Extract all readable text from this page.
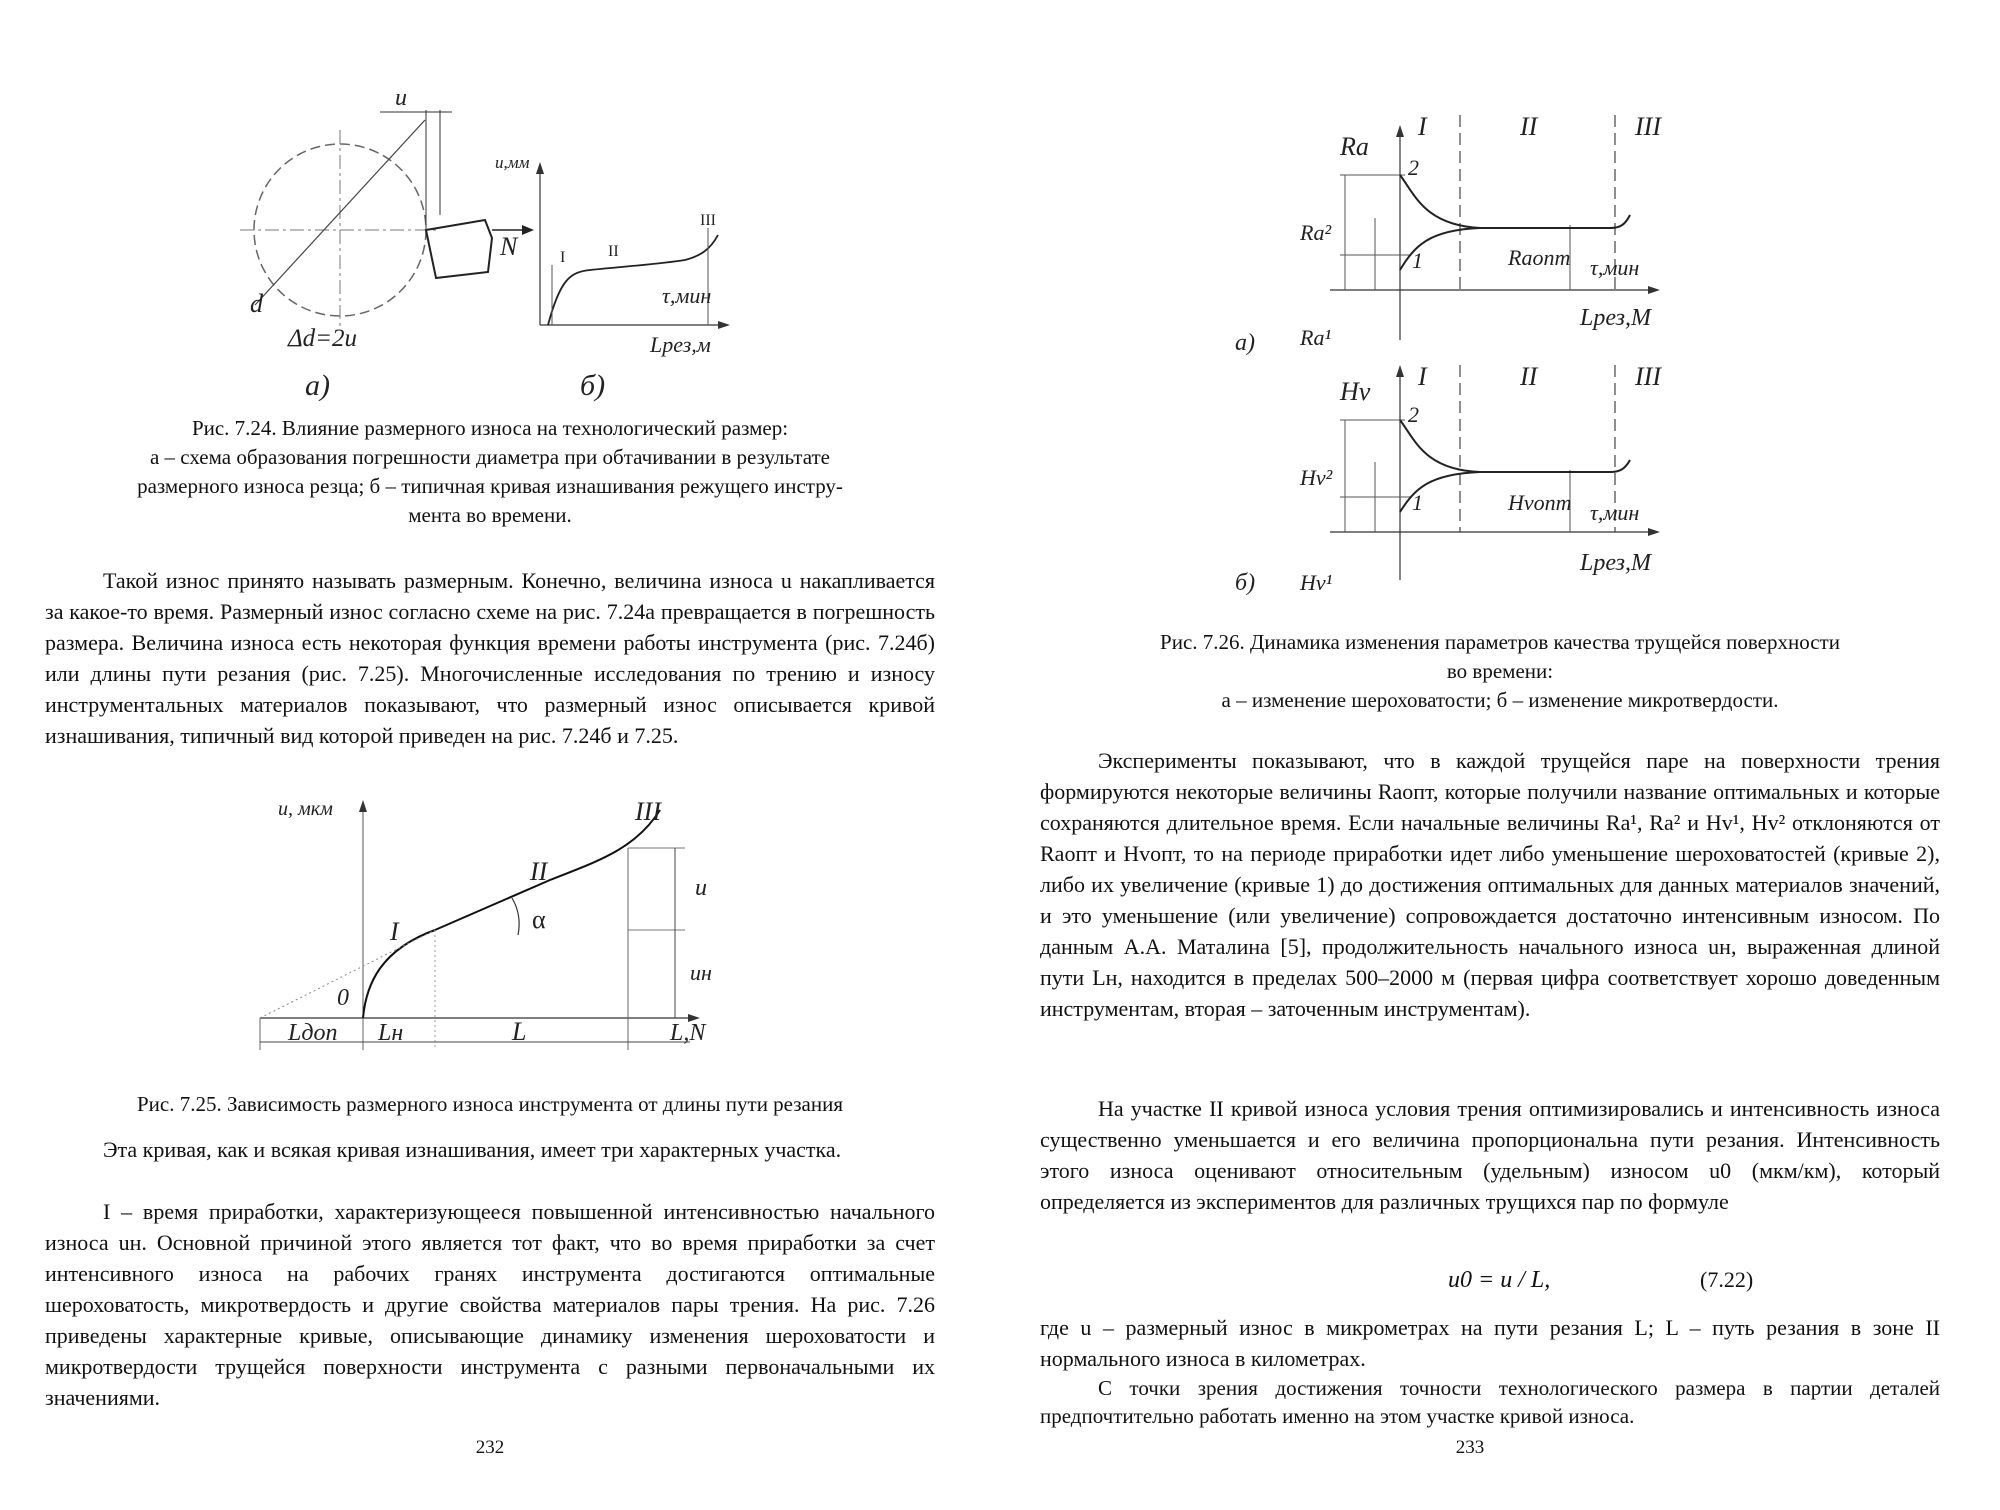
u
N
d
Δd=2u
а)
u,мм
I	II
III
τ,мин
Lрез,м
б)
Рис. 7.24. Влияние размерного износа на технологический размер:
а – схема образования погрешности диаметра при обтачивании в результате
размерного износа резца; б – типичная кривая изнашивания режущего инстру-
мента во времени.
Такой износ принято называть размерным. Конечно, величина износа u накапливается за какое-то время. Размерный износ согласно схеме на рис. 7.24а превращается в погрешность размера. Величина износа есть некоторая функция времени работы инструмента (рис. 7.24б) или длины пути резания (рис. 7.25). Многочисленные исследования по трению и износу инструментальных материалов показывают, что размерный износ описывается кривой изнашивания, типичный вид которой приведен на рис. 7.24б и 7.25.
u, мкм
I
II
III
α
0
u
uн
Lдоп Lн	L	L,N
Рис. 7.25. Зависимость размерного износа инструмента от длины пути резания
Эта кривая, как и всякая кривая изнашивания, имеет три характерных участка.
I – время приработки, характеризующееся повышенной интенсивностью начального износа uн. Основной причиной этого является тот факт, что во время приработки за счет интенсивного износа на рабочих гранях инструмента достигаются оптимальные шероховатость, микротвердость и другие свойства материалов пары трения. На рис. 7.26 приведены характерные кривые, описывающие динамику изменения шероховатости и микротвердости трущейся поверхности инструмента с разными первоначальными их значениями.
232
I	II	III
Ra
2
1
Ra²
Ra¹
Raопт τ,мин
Lрез,М
а)
I	II	III
Hv
2
1
Hv²
Hv¹
Hvопт τ,мин
Lрез,М
б)
Рис. 7.26. Динамика изменения параметров качества трущейся поверхности
во времени:
а – изменение шероховатости; б – изменение микротвердости.
Эксперименты показывают, что в каждой трущейся паре на поверхности трения формируются некоторые величины Raопт, которые получили название оптимальных и которые сохраняются длительное время. Если начальные величины Ra¹, Ra² и Hv¹, Hv² отклоняются от Raопт и Hvопт, то на периоде приработки идет либо уменьшение шероховатостей (кривые 2), либо их увеличение (кривые 1) до достижения оптимальных для данных материалов значений, и это уменьшение (или увеличение) сопровождается достаточно интенсивным износом. По данным А.А. Маталина [5], продолжительность начального износа uн, выраженная длиной пути Lн, находится в пределах 500–2000 м (первая цифра соответствует хорошо доведенным инструментам, вторая – заточенным инструментам).
На участке II кривой износа условия трения оптимизировались и интенсивность износа существенно уменьшается и его величина пропорциональна пути резания. Интенсивность этого износа оценивают относительным (удельным) износом u0 (мкм/км), который определяется из экспериментов для различных трущихся пар по формуле
u0 = u / L,	(7.22)
где u – размерный износ в микрометрах на пути резания L; L – путь резания в зоне II нормального износа в километрах.
С точки зрения достижения точности технологического размера в партии деталей предпочтительно работать именно на этом участке кривой износа.
233
